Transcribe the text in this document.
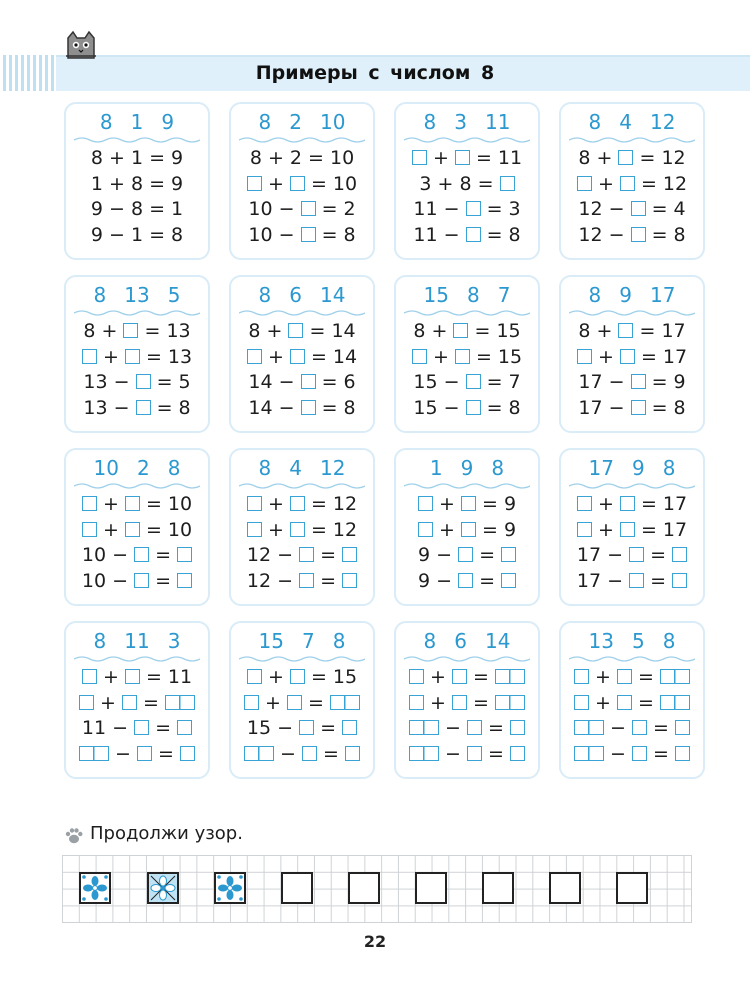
Примеры с числом 8
8 1 9
8 + 1 = 9
1 + 8 = 9
9 − 8 = 1
9 − 1 = 8
8 2 10
8 + 2 = 10
+  = 10
10 −  = 2
10 −  = 8
8 3 11
+  = 11
3 + 8 =
11 −  = 3
11 −  = 8
8 4 12
8 +  = 12
+  = 12
12 −  = 4
12 −  = 8
8 13 5
8 +  = 13
+  = 13
13 −  = 5
13 −  = 8
8 6 14
8 +  = 14
+  = 14
14 −  = 6
14 −  = 8
15 8 7
8 +  = 15
+  = 15
15 −  = 7
15 −  = 8
8 9 17
8 +  = 17
+  = 17
17 −  = 9
17 −  = 8
10 2 8
+  = 10
+  = 10
10 −  =
10 −  =
8 4 12
+  = 12
+  = 12
12 −  =
12 −  =
1 9 8
+  = 9
+  = 9
9 −  =
9 −  =
17 9 8
+  = 17
+  = 17
17 −  =
17 −  =
8 11 3
+  = 11
+  =
11 −  =
−  =
15 7 8
+  = 15
+  =
15 −  =
−  =
8 6 14
+  =
+  =
−  =
−  =
13 5 8
+  =
+  =
−  =
−  =
Продолжи узор.
22
